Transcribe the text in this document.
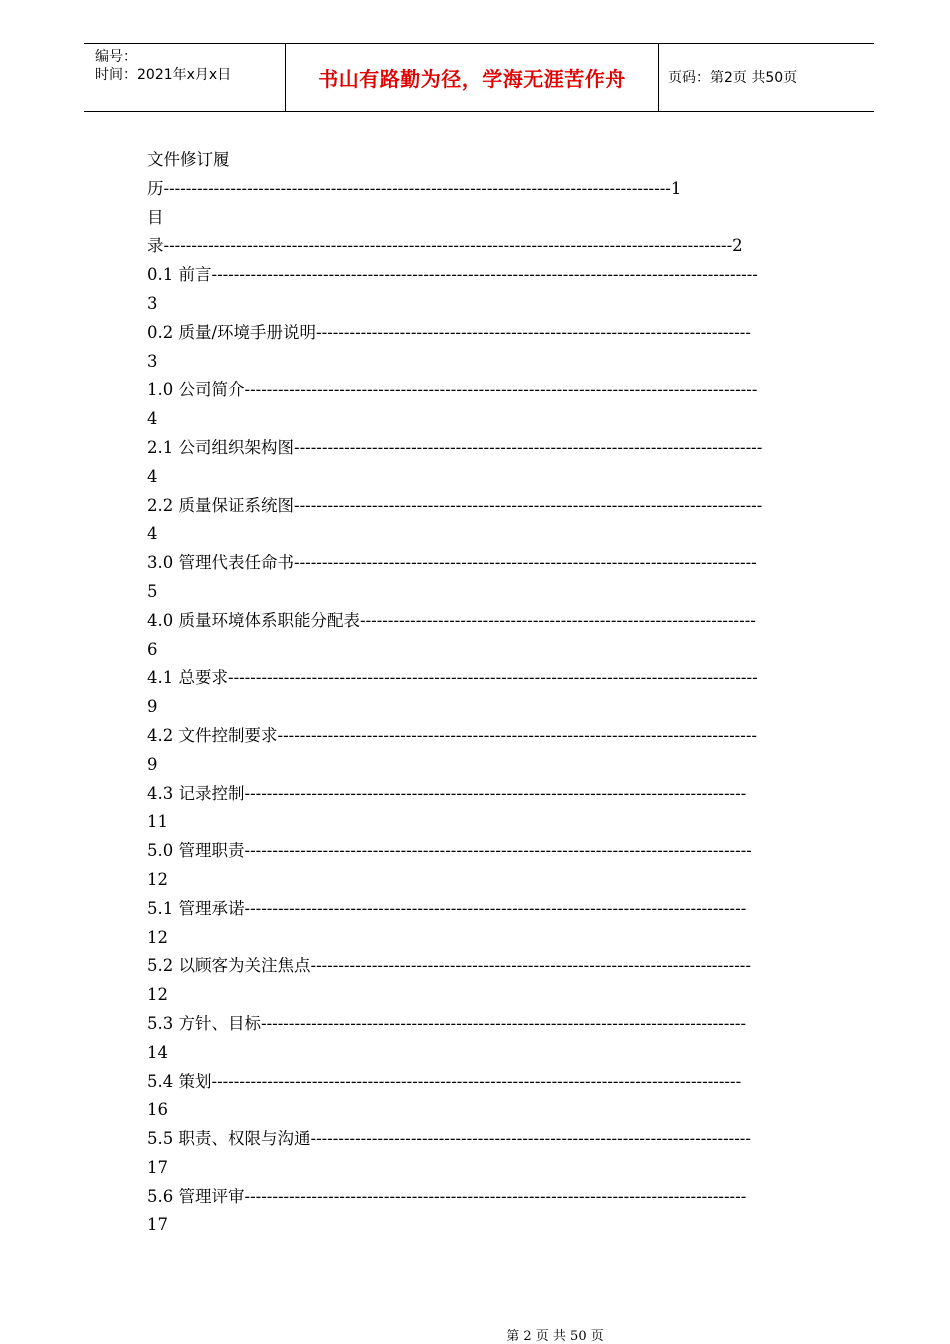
编号：
时间：2021年x月x日	书山有路勤为径，学海无涯苦作舟	页码：第2页 共50页
文件修订履
历-------------------------------------------------------------------------------------------1
目
录------------------------------------------------------------------------------------------------------2
0.1 前言--------------------------------------------------------------------------------------------------
3
0.2 质量/环境手册说明------------------------------------------------------------------------------
3
1.0 公司简介--------------------------------------------------------------------------------------------
4
2.1 公司组织架构图------------------------------------------------------------------------------------
4
2.2 质量保证系统图------------------------------------------------------------------------------------
4
3.0 管理代表任命书-----------------------------------------------------------------------------------
5
4.0 质量环境体系职能分配表-----------------------------------------------------------------------
6
4.1 总要求-----------------------------------------------------------------------------------------------
9
4.2 文件控制要求--------------------------------------------------------------------------------------
9
4.3 记录控制------------------------------------------------------------------------------------------
11
5.0 管理职责-------------------------------------------------------------------------------------------
12
5.1 管理承诺------------------------------------------------------------------------------------------
12
5.2 以顾客为关注焦点-------------------------------------------------------------------------------
12
5.3 方针、目标---------------------------------------------------------------------------------------
14
5.4 策划-----------------------------------------------------------------------------------------------
16
5.5 职责、权限与沟通-------------------------------------------------------------------------------
17
5.6 管理评审------------------------------------------------------------------------------------------
17
第 2 页 共 50 页
